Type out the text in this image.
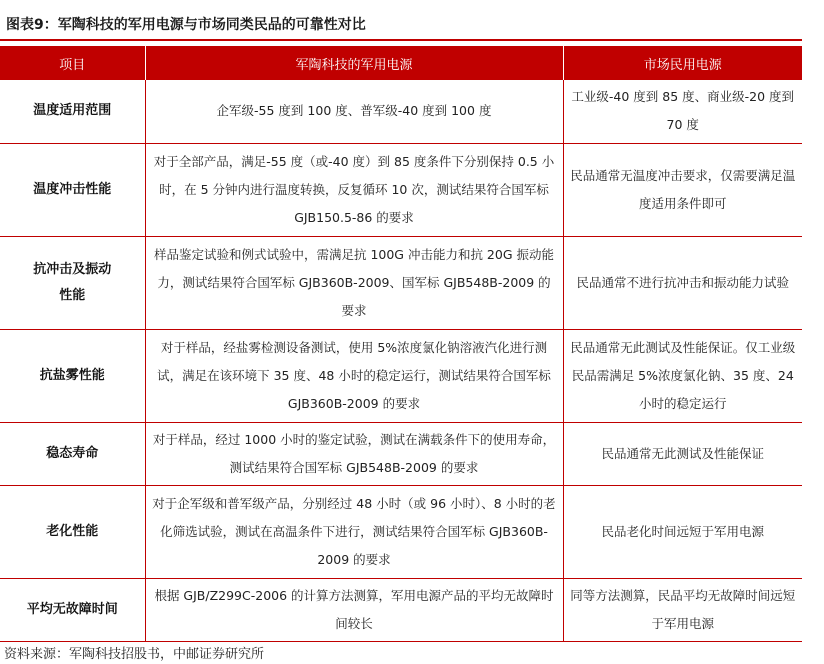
图表9：军陶科技的军用电源与市场同类民品的可靠性对比
项目	军陶科技的军用电源	市场民用电源
温度适用范围	企军级-55 度到 100 度、普军级-40 度到 100 度	工业级-40 度到 85 度、商业级-20 度到 70 度
温度冲击性能	对于全部产品，满足-55 度（或-40 度）到 85 度条件下分别保持 0.5 小时，在 5 分钟内进行温度转换，反复循环 10 次，测试结果符合国军标 GJB150.5-86 的要求	民品通常无温度冲击要求，仅需要满足温度适用条件即可
抗冲击及振动性能	样品鉴定试验和例式试验中，需满足抗 100G 冲击能力和抗 20G 振动能力，测试结果符合国军标 GJB360B-2009、国军标 GJB548B-2009 的要求	民品通常不进行抗冲击和振动能力试验
抗盐雾性能	对于样品，经盐雾检测设备测试，使用 5%浓度氯化钠溶液汽化进行测试，满足在该环境下 35 度、48 小时的稳定运行，测试结果符合国军标 GJB360B-2009 的要求	民品通常无此测试及性能保证。仅工业级民品需满足 5%浓度氯化钠、35 度、24 小时的稳定运行
稳态寿命	对于样品，经过 1000 小时的鉴定试验，测试在满载条件下的使用寿命，测试结果符合国军标 GJB548B-2009 的要求	民品通常无此测试及性能保证
老化性能	对于企军级和普军级产品，分别经过 48 小时（或 96 小时）、8 小时的老化筛选试验，测试在高温条件下进行，测试结果符合国军标 GJB360B-2009 的要求	民品老化时间远短于军用电源
平均无故障时间	根据 GJB/Z299C-2006 的计算方法测算，军用电源产品的平均无故障时间较长	同等方法测算，民品平均无故障时间远短于军用电源
资料来源：军陶科技招股书，中邮证券研究所
